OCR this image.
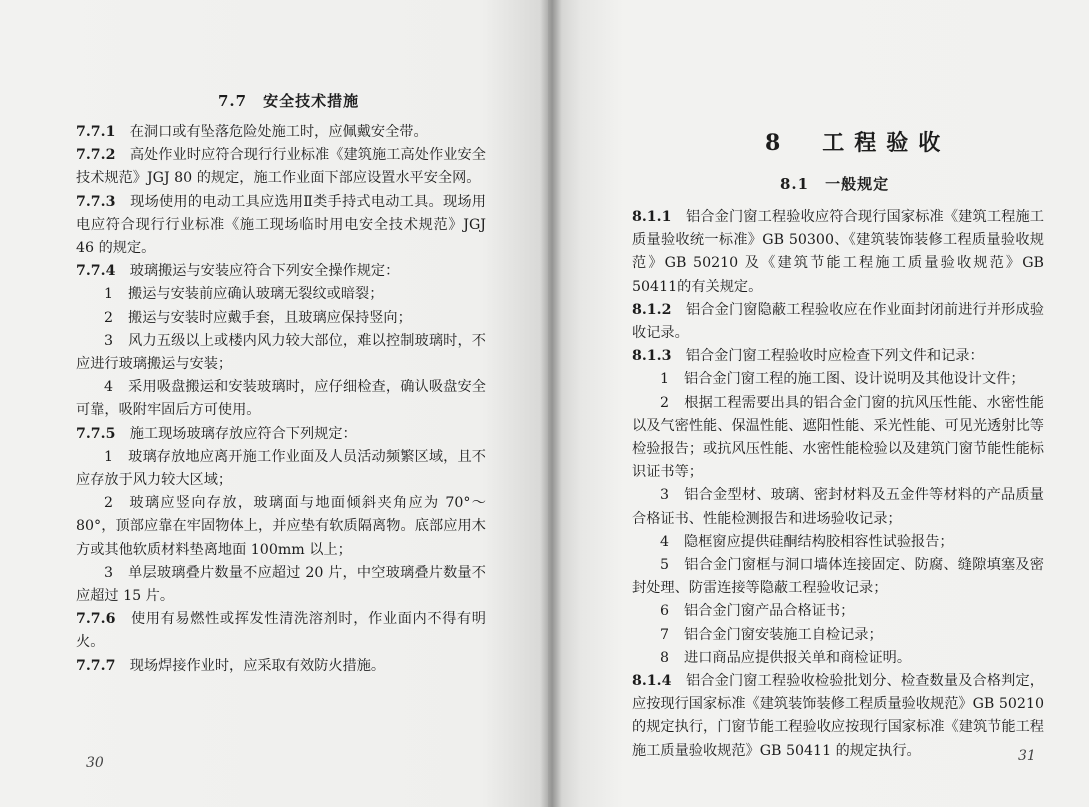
7.7　安全技术措施

7.7.1　在洞口或有坠落危险处施工时，应佩戴安全带。

7.7.2　高处作业时应符合现行行业标准《建筑施工高处作业安全技术规范》JGJ 80 的规定，施工作业面下部应设置水平安全网。

7.7.3　现场使用的电动工具应选用Ⅱ类手持式电动工具。现场用电应符合现行行业标准《施工现场临时用电安全技术规范》JGJ 46 的规定。

7.7.4　玻璃搬运与安装应符合下列安全操作规定：

1 搬运与安装前应确认玻璃无裂纹或暗裂；

2 搬运与安装时应戴手套，且玻璃应保持竖向；

3 风力五级以上或楼内风力较大部位，难以控制玻璃时，不应进行玻璃搬运与安装；

4 采用吸盘搬运和安装玻璃时，应仔细检查，确认吸盘安全可靠，吸附牢固后方可使用。

7.7.5　施工现场玻璃存放应符合下列规定：

1 玻璃存放地应离开施工作业面及人员活动频繁区域，且不应存放于风力较大区域；

2 玻璃应竖向存放，玻璃面与地面倾斜夹角应为 70°～80°，顶部应靠在牢固物体上，并应垫有软质隔离物。底部应用木方或其他软质材料垫离地面 100mm 以上；

3 单层玻璃叠片数量不应超过 20 片，中空玻璃叠片数量不应超过 15 片。

7.7.6　使用有易燃性或挥发性清洗溶剂时，作业面内不得有明火。

7.7.7　现场焊接作业时，应采取有效防火措施。

30
8　工程验收
8.1　一般规定

8.1.1　铝合金门窗工程验收应符合现行国家标准《建筑工程施工质量验收统一标准》GB 50300、《建筑装饰装修工程质量验收规范》GB 50210 及《建筑节能工程施工质量验收规范》GB 50411的有关规定。

8.1.2　铝合金门窗隐蔽工程验收应在作业面封闭前进行并形成验收记录。

8.1.3　铝合金门窗工程验收时应检查下列文件和记录：

1 铝合金门窗工程的施工图、设计说明及其他设计文件；

2 根据工程需要出具的铝合金门窗的抗风压性能、水密性能以及气密性能、保温性能、遮阳性能、采光性能、可见光透射比等检验报告；或抗风压性能、水密性能检验以及建筑门窗节能性能标识证书等；

3 铝合金型材、玻璃、密封材料及五金件等材料的产品质量合格证书、性能检测报告和进场验收记录；

4 隐框窗应提供硅酮结构胶相容性试验报告；

5 铝合金门窗框与洞口墙体连接固定、防腐、缝隙填塞及密封处理、防雷连接等隐蔽工程验收记录；

6 铝合金门窗产品合格证书；

7 铝合金门窗安装施工自检记录；

8 进口商品应提供报关单和商检证明。

8.1.4　铝合金门窗工程验收检验批划分、检查数量及合格判定，应按现行国家标准《建筑装饰装修工程质量验收规范》GB 50210的规定执行，门窗节能工程验收应按现行国家标准《建筑节能工程施工质量验收规范》GB 50411 的规定执行。	31
